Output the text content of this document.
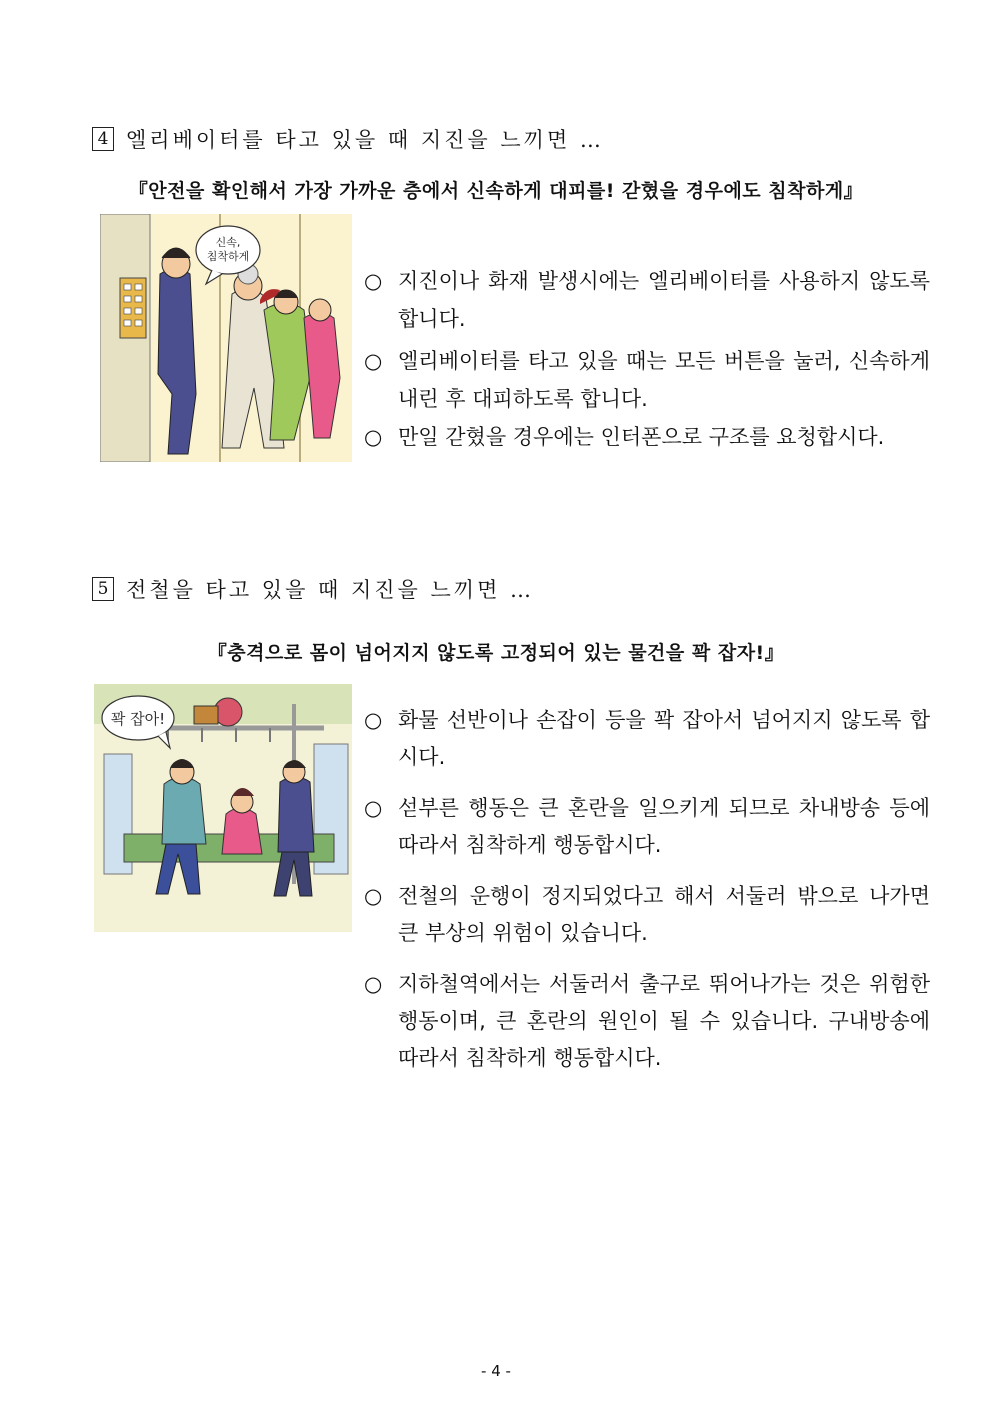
4 엘리베이터를 타고 있을 때 지진을 느끼면 …
『안전을 확인해서 가장 가까운 층에서 신속하게 대피를! 갇혔을 경우에도 침착하게』
신속,
침착하게
○ 지진이나 화재 발생시에는 엘리베이터를 사용하지 않도록 합니다.
○ 엘리베이터를 타고 있을 때는 모든 버튼을 눌러, 신속하게 내린 후 대피하도록 합니다.
○ 만일 갇혔을 경우에는 인터폰으로 구조를 요청합시다.
5 전철을 타고 있을 때 지진을 느끼면 …
『충격으로 몸이 넘어지지 않도록 고정되어 있는 물건을 꽉 잡자!』
꽉 잡아!	○ 화물 선반이나 손잡이 등을 꽉 잡아서 넘어지지 않도록 합시다.
○ 섣부른 행동은 큰 혼란을 일으키게 되므로 차내방송 등에 따라서 침착하게 행동합시다.
○ 전철의 운행이 정지되었다고 해서 서둘러 밖으로 나가면 큰 부상의 위험이 있습니다.
○ 지하철역에서는 서둘러서 출구로 뛰어나가는 것은 위험한 행동이며, 큰 혼란의 원인이 될 수 있습니다. 구내방송에 따라서 침착하게 행동합시다.
- 4 -
